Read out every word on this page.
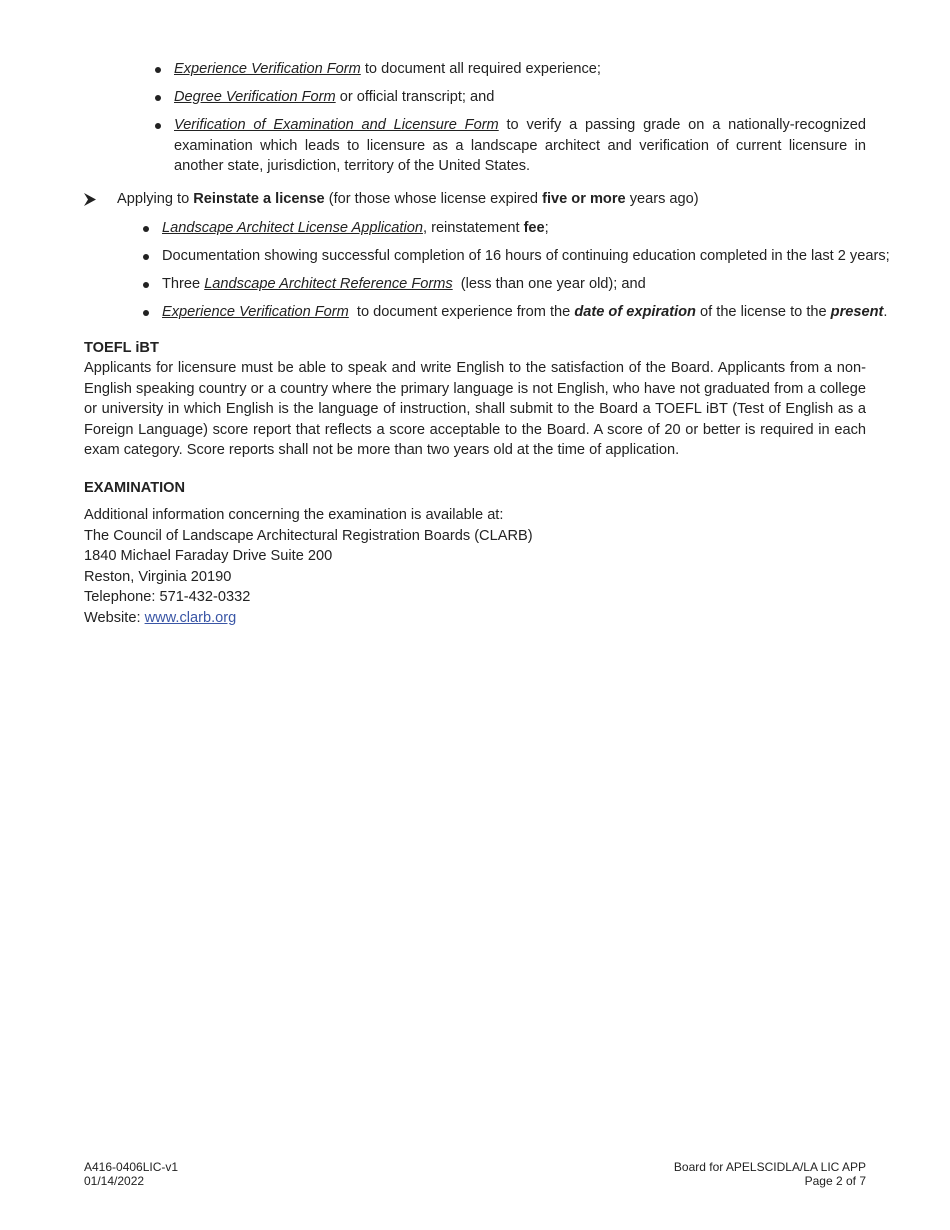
Experience Verification Form to document all required experience;
Degree Verification Form or official transcript; and
Verification of Examination and Licensure Form to verify a passing grade on a nationally-recognized examination which leads to licensure as a landscape architect and verification of current licensure in another state, jurisdiction, territory of the United States.
Applying to Reinstate a license (for those whose license expired five or more years ago)
Landscape Architect License Application, reinstatement fee;
Documentation showing successful completion of 16 hours of continuing education completed in the last 2 years;
Three Landscape Architect Reference Forms  (less than one year old); and
Experience Verification Form  to document experience from the date of expiration of the license to the present.
TOEFL iBT
Applicants for licensure must be able to speak and write English to the satisfaction of the Board. Applicants from a non-English speaking country or a country where the primary language is not English, who have not graduated from a college or university in which English is the language of instruction, shall submit to the Board a TOEFL iBT (Test of English as a Foreign Language) score report that reflects a score acceptable to the Board. A score of 20 or better is required in each exam category. Score reports shall not be more than two years old at the time of application.
EXAMINATION
Additional information concerning the examination is available at:
The Council of Landscape Architectural Registration Boards (CLARB)
1840 Michael Faraday Drive Suite 200
Reston, Virginia 20190
Telephone: 571-432-0332
Website: www.clarb.org
A416-0406LIC-v1
01/14/2022
Board for APELSCIDLA/LA LIC APP
Page 2 of 7
